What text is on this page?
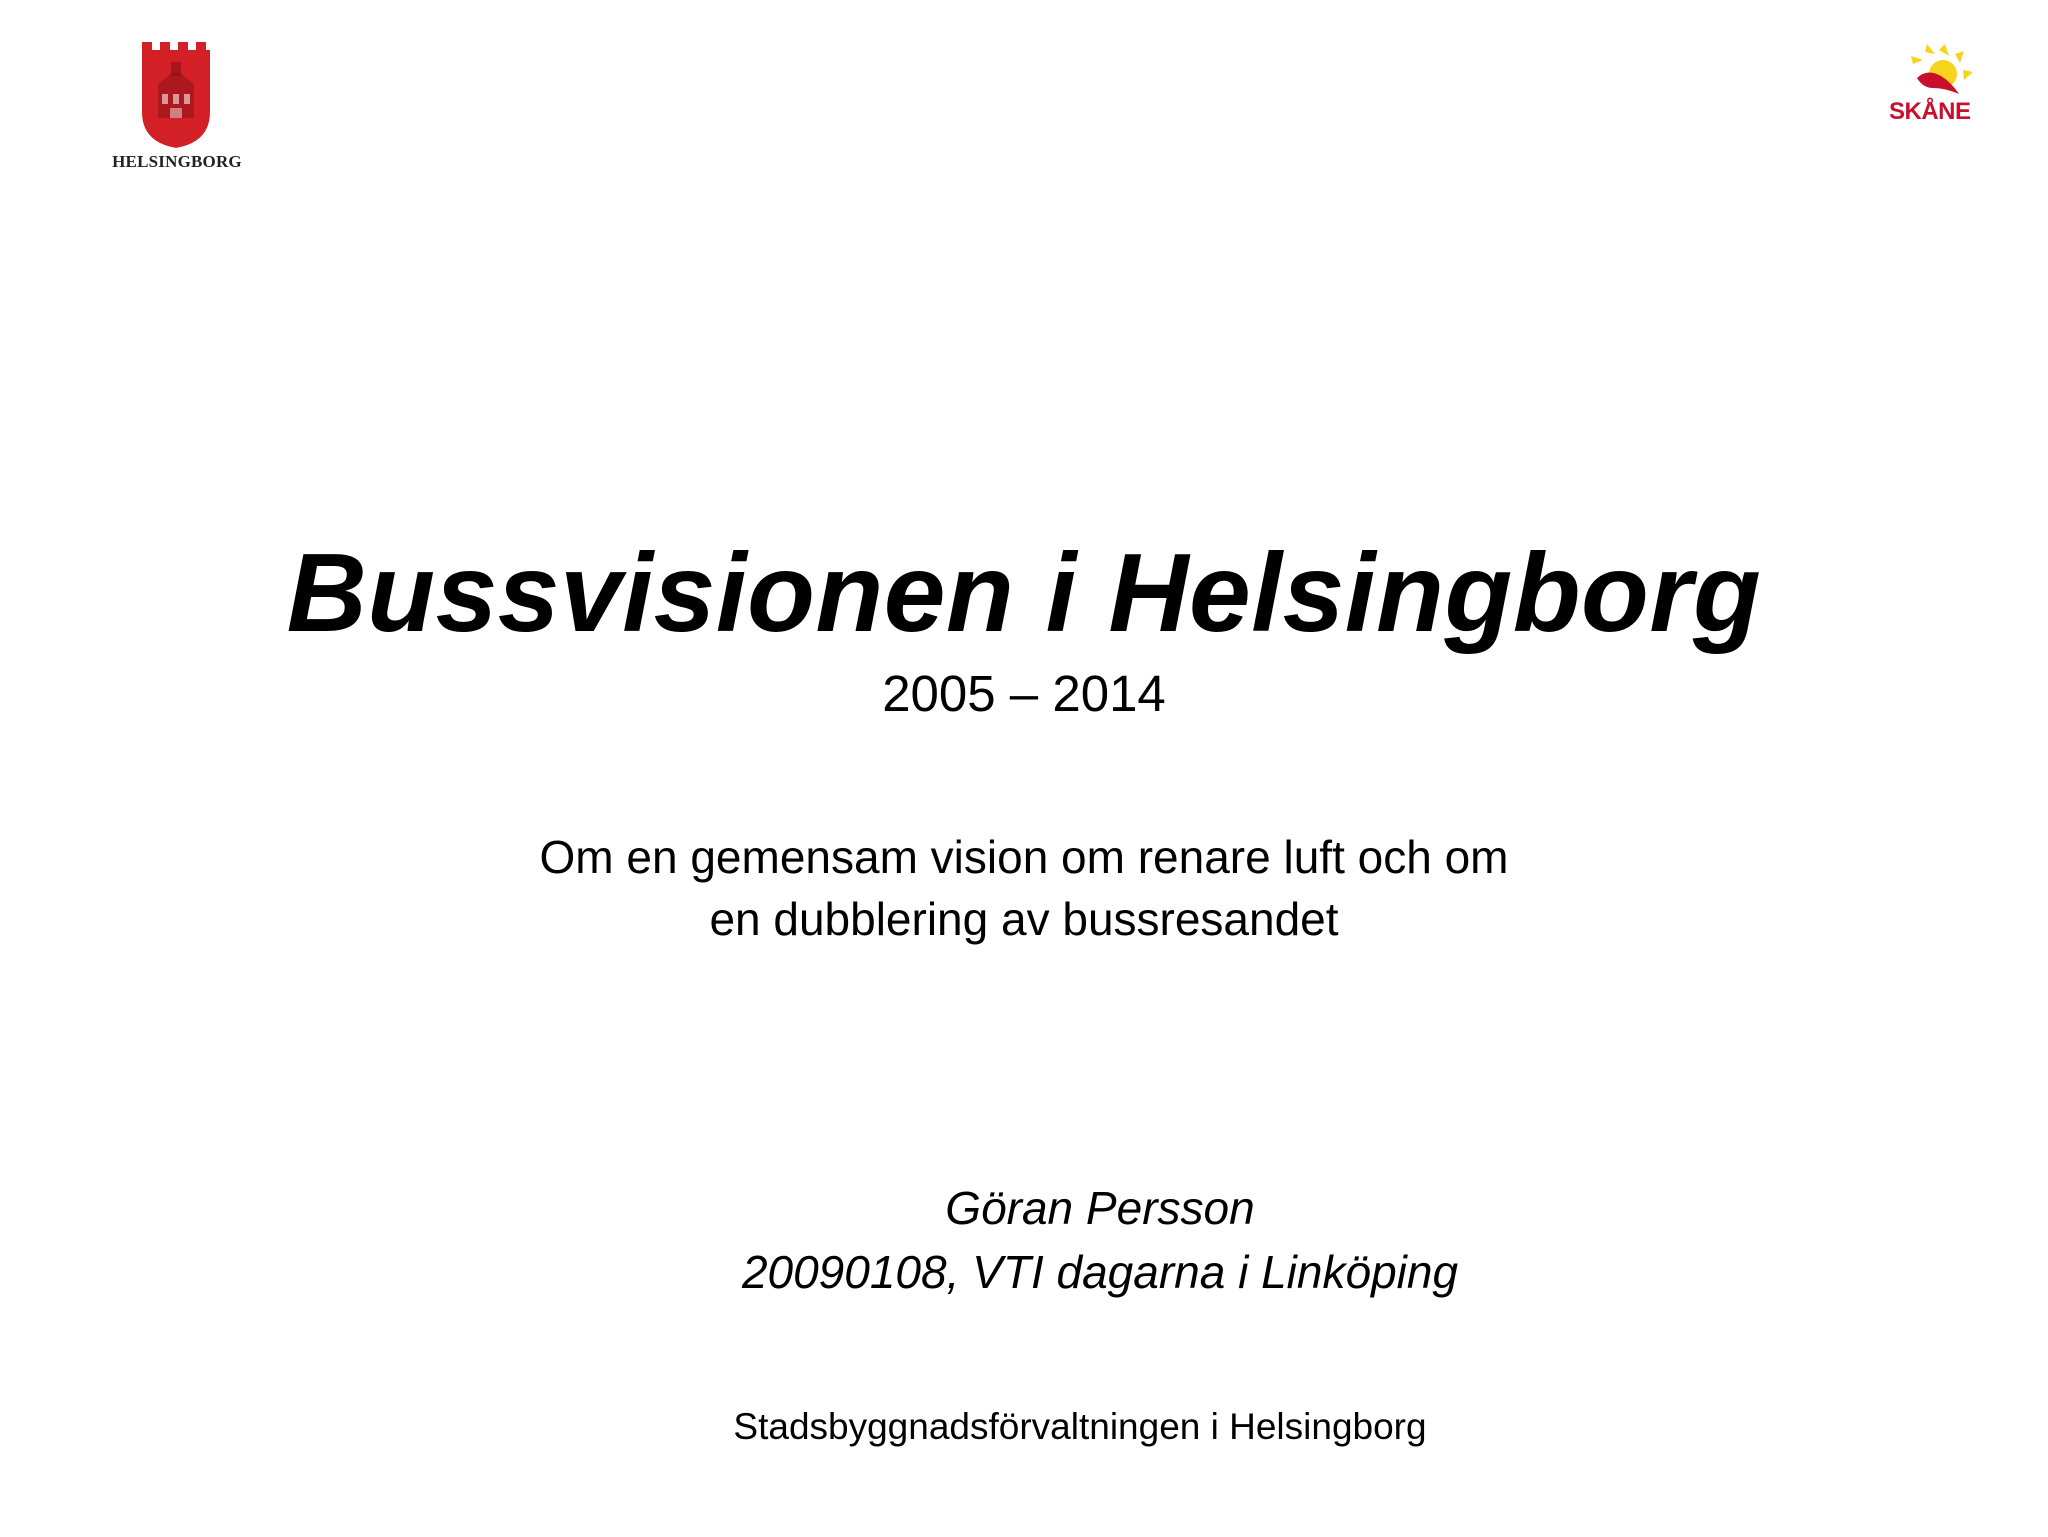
HELSINGBORG
SKÅNE
Bussvisionen i Helsingborg
2005 – 2014
Om en gemensam vision om renare luft och om
en dubblering av bussresandet
Göran Persson
20090108, VTI dagarna i Linköping
Stadsbyggnadsförvaltningen i Helsingborg
